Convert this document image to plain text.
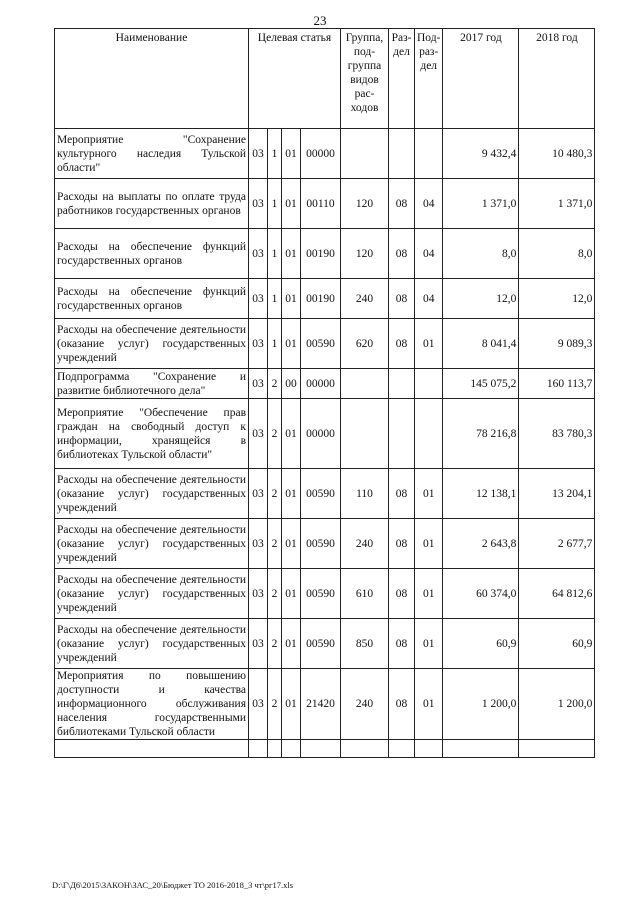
23
Наименование	Целевая статья				Группа, под-группа видов рас-ходов	Раз-дел	Под-раз-дел	2017 год	2018 год
Мероприятие "Сохранение культурного наследия Тульской области"	03	1	01	00000				9 432,4	10 480,3
Расходы на выплаты по оплате труда работников государственных органов	03	1	01	00110	120	08	04	1 371,0	1 371,0
Расходы на обеспечение функций государственных органов	03	1	01	00190	120	08	04	8,0	8,0
Расходы на обеспечение функций государственных органов	03	1	01	00190	240	08	04	12,0	12,0
Расходы на обеспечение деятельности (оказание услуг) государственных учреждений	03	1	01	00590	620	08	01	8 041,4	9 089,3
Подпрограмма "Сохранение и развитие библиотечного дела"	03	2	00	00000				145 075,2	160 113,7
Мероприятие "Обеспечение прав граждан на свободный доступ к информации, хранящейся в библиотеках Тульской области"	03	2	01	00000				78 216,8	83 780,3
Расходы на обеспечение деятельности (оказание услуг) государственных учреждений	03	2	01	00590	110	08	01	12 138,1	13 204,1
Расходы на обеспечение деятельности (оказание услуг) государственных учреждений	03	2	01	00590	240	08	01	2 643,8	2 677,7
Расходы на обеспечение деятельности (оказание услуг) государственных учреждений	03	2	01	00590	610	08	01	60 374,0	64 812,6
Расходы на обеспечение деятельности (оказание услуг) государственных учреждений	03	2	01	00590	850	08	01	60,9	60,9
Мероприятия по повышению доступности и качества информационного обслуживания населения государственными библиотеками Тульской области	03	2	01	21420	240	08	01	1 200,0	1 200,0

D:\Г\Д6\2015\ЗАКОН\ЗАС_20\Бюджет ТО 2016-2018_3 чт\рг17.xls
